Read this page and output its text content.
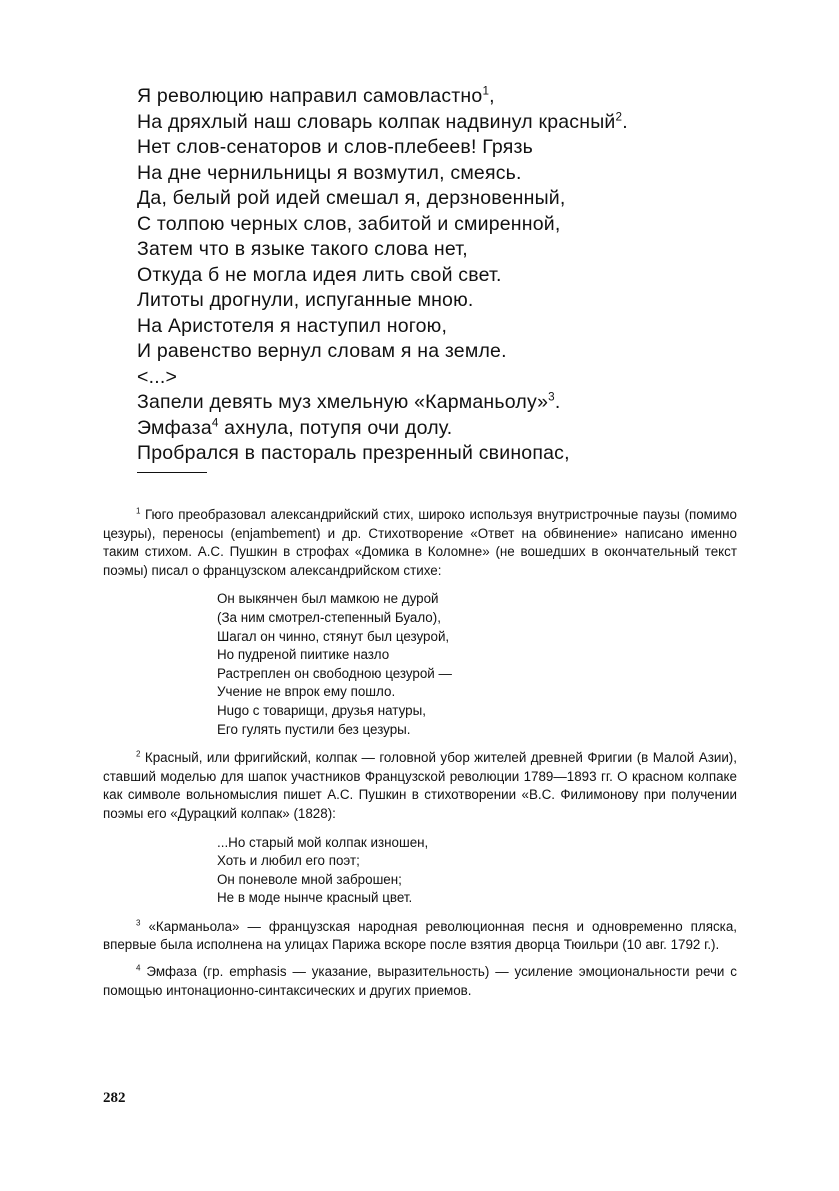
Я революцию направил самовластно$^1$,
На дряхлый наш словарь колпак надвинул красный$^2$.
Нет слов-сенаторов и слов-плебеев! Грязь
На дне чернильницы я возмутил, смеясь.
Да, белый рой идей смешал я, дерзновенный,
С толпою черных слов, забитой и смиренной,
Затем что в языке такого слова нет,
Откуда б не могла идея лить свой свет.
Литоты дрогнули, испуганные мною.
На Аристотеля я наступил ногою,
И равенство вернул словам я на земле.
<...>
Запели девять муз хмельную «Карманьолу»$^3$.
Эмфаза$^4$ ахнула, потупя очи долу.
Пробрался в пастораль презренный свинопас,

$^1$ Гюго преобразовал александрийский стих, широко используя внутристрочные паузы (помимо цезуры), переносы (enjambement) и др. Стихотворение «Ответ на обвинение» написано именно таким стихом. А.С. Пушкин в строфах «Домика в Коломне» (не вошедших в окончательный текст поэмы) писал о французском александрийском стихе:

Он выкянчен был мамкою не дурой
(За ним смотрел-степенный Буало),
Шагал он чинно, стянут был цезурой,
Но пудреной пиитике назло
Растреплен он свободною цезурой —
Учение не впрок ему пошло.
Hugo с товарищи, друзья натуры,
Его гулять пустили без цезуры.

$^2$ Красный, или фригийский, колпак — головной убор жителей древней Фригии (в Малой Азии), ставший моделью для шапок участников Французской революции 1789—1893 гг. О красном колпаке как символе вольномыслия пишет А.С. Пушкин в стихотворении «В.С. Филимонову при получении поэмы его «Дурацкий колпак» (1828):

...Но старый мой колпак изношен,
Хоть и любил его поэт;
Он поневоле мной заброшен;
Не в моде нынче красный цвет.

$^3$ «Карманьола» — французская народная революционная песня и одновременно пляска, впервые была исполнена на улицах Парижа вскоре после взятия дворца Тюильри (10 авг. 1792 г.).

$^4$ Эмфаза (гр. emphasis — указание, выразительность) — усиление эмоциональности речи с помощью интонационно-синтаксических и других приемов.

282
